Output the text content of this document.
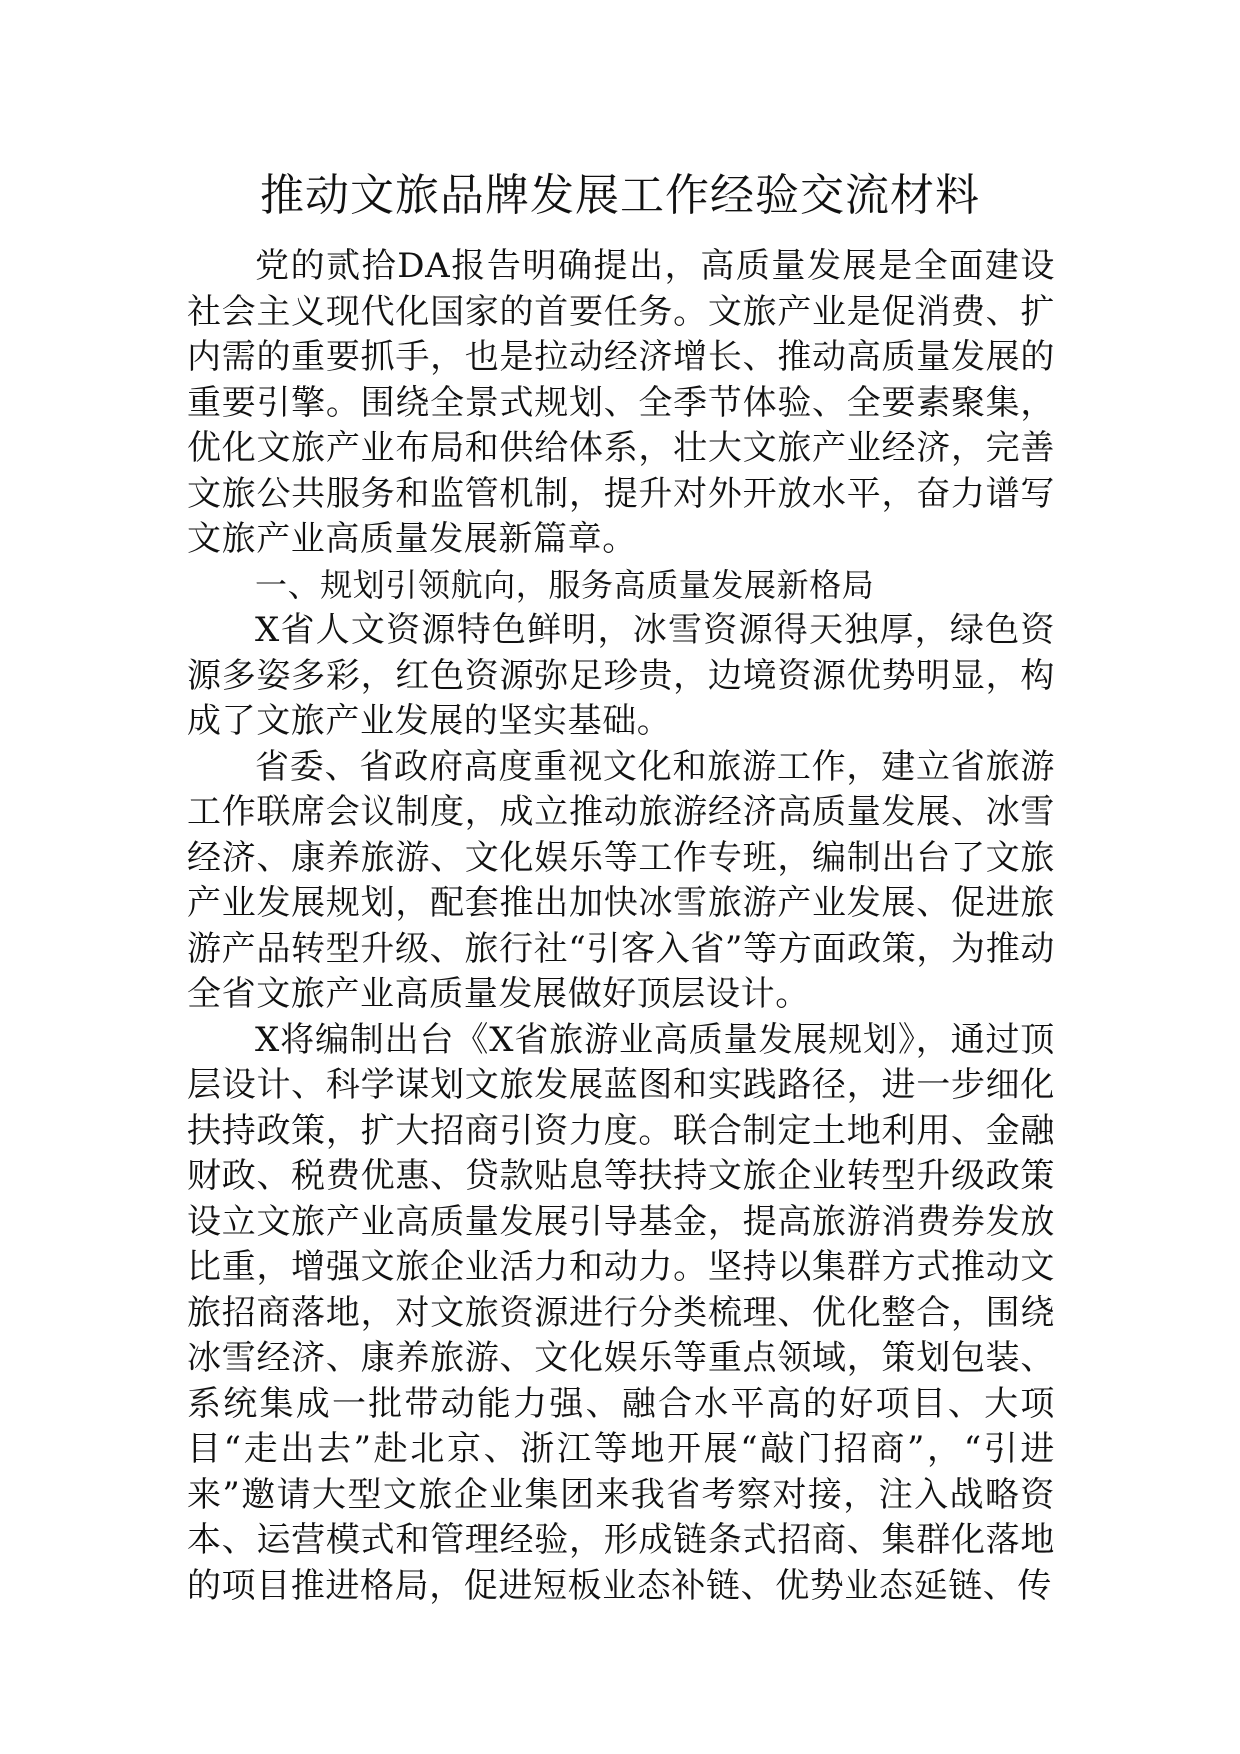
推动文旅品牌发展工作经验交流材料

党的贰拾DA报告明确提出，高质量发展是全面建设社会主义现代化国家的首要任务。文旅产业是促消费、扩内需的重要抓手，也是拉动经济增长、推动高质量发展的重要引擎。围绕全景式规划、全季节体验、全要素聚集，优化文旅产业布局和供给体系，壮大文旅产业经济，完善文旅公共服务和监管机制，提升对外开放水平，奋力谱写文旅产业高质量发展新篇章。

一、规划引领航向，服务高质量发展新格局

X省人文资源特色鲜明，冰雪资源得天独厚，绿色资源多姿多彩，红色资源弥足珍贵，边境资源优势明显，构成了文旅产业发展的坚实基础。

省委、省政府高度重视文化和旅游工作，建立省旅游工作联席会议制度，成立推动旅游经济高质量发展、冰雪经济、康养旅游、文化娱乐等工作专班，编制出台了文旅产业发展规划，配套推出加快冰雪旅游产业发展、促进旅游产品转型升级、旅行社“引客入省”等方面政策，为推动全省文旅产业高质量发展做好顶层设计。

X将编制出台《X省旅游业高质量发展规划》，通过顶层设计、科学谋划文旅发展蓝图和实践路径，进一步细化扶持政策，扩大招商引资力度。联合制定土地利用、金融财政、税费优惠、贷款贴息等扶持文旅企业转型升级政策设立文旅产业高质量发展引导基金，提高旅游消费券发放比重，增强文旅企业活力和动力。坚持以集群方式推动文旅招商落地，对文旅资源进行分类梳理、优化整合，围绕冰雪经济、康养旅游、文化娱乐等重点领域，策划包装、系统集成一批带动能力强、融合水平高的好项目、大项目“走出去”赴北京、浙江等地开展“敲门招商”，“引进来”邀请大型文旅企业集团来我省考察对接，注入战略资本、运营模式和管理经验，形成链条式招商、集群化落地的项目推进格局，促进短板业态补链、优势业态延链、传
